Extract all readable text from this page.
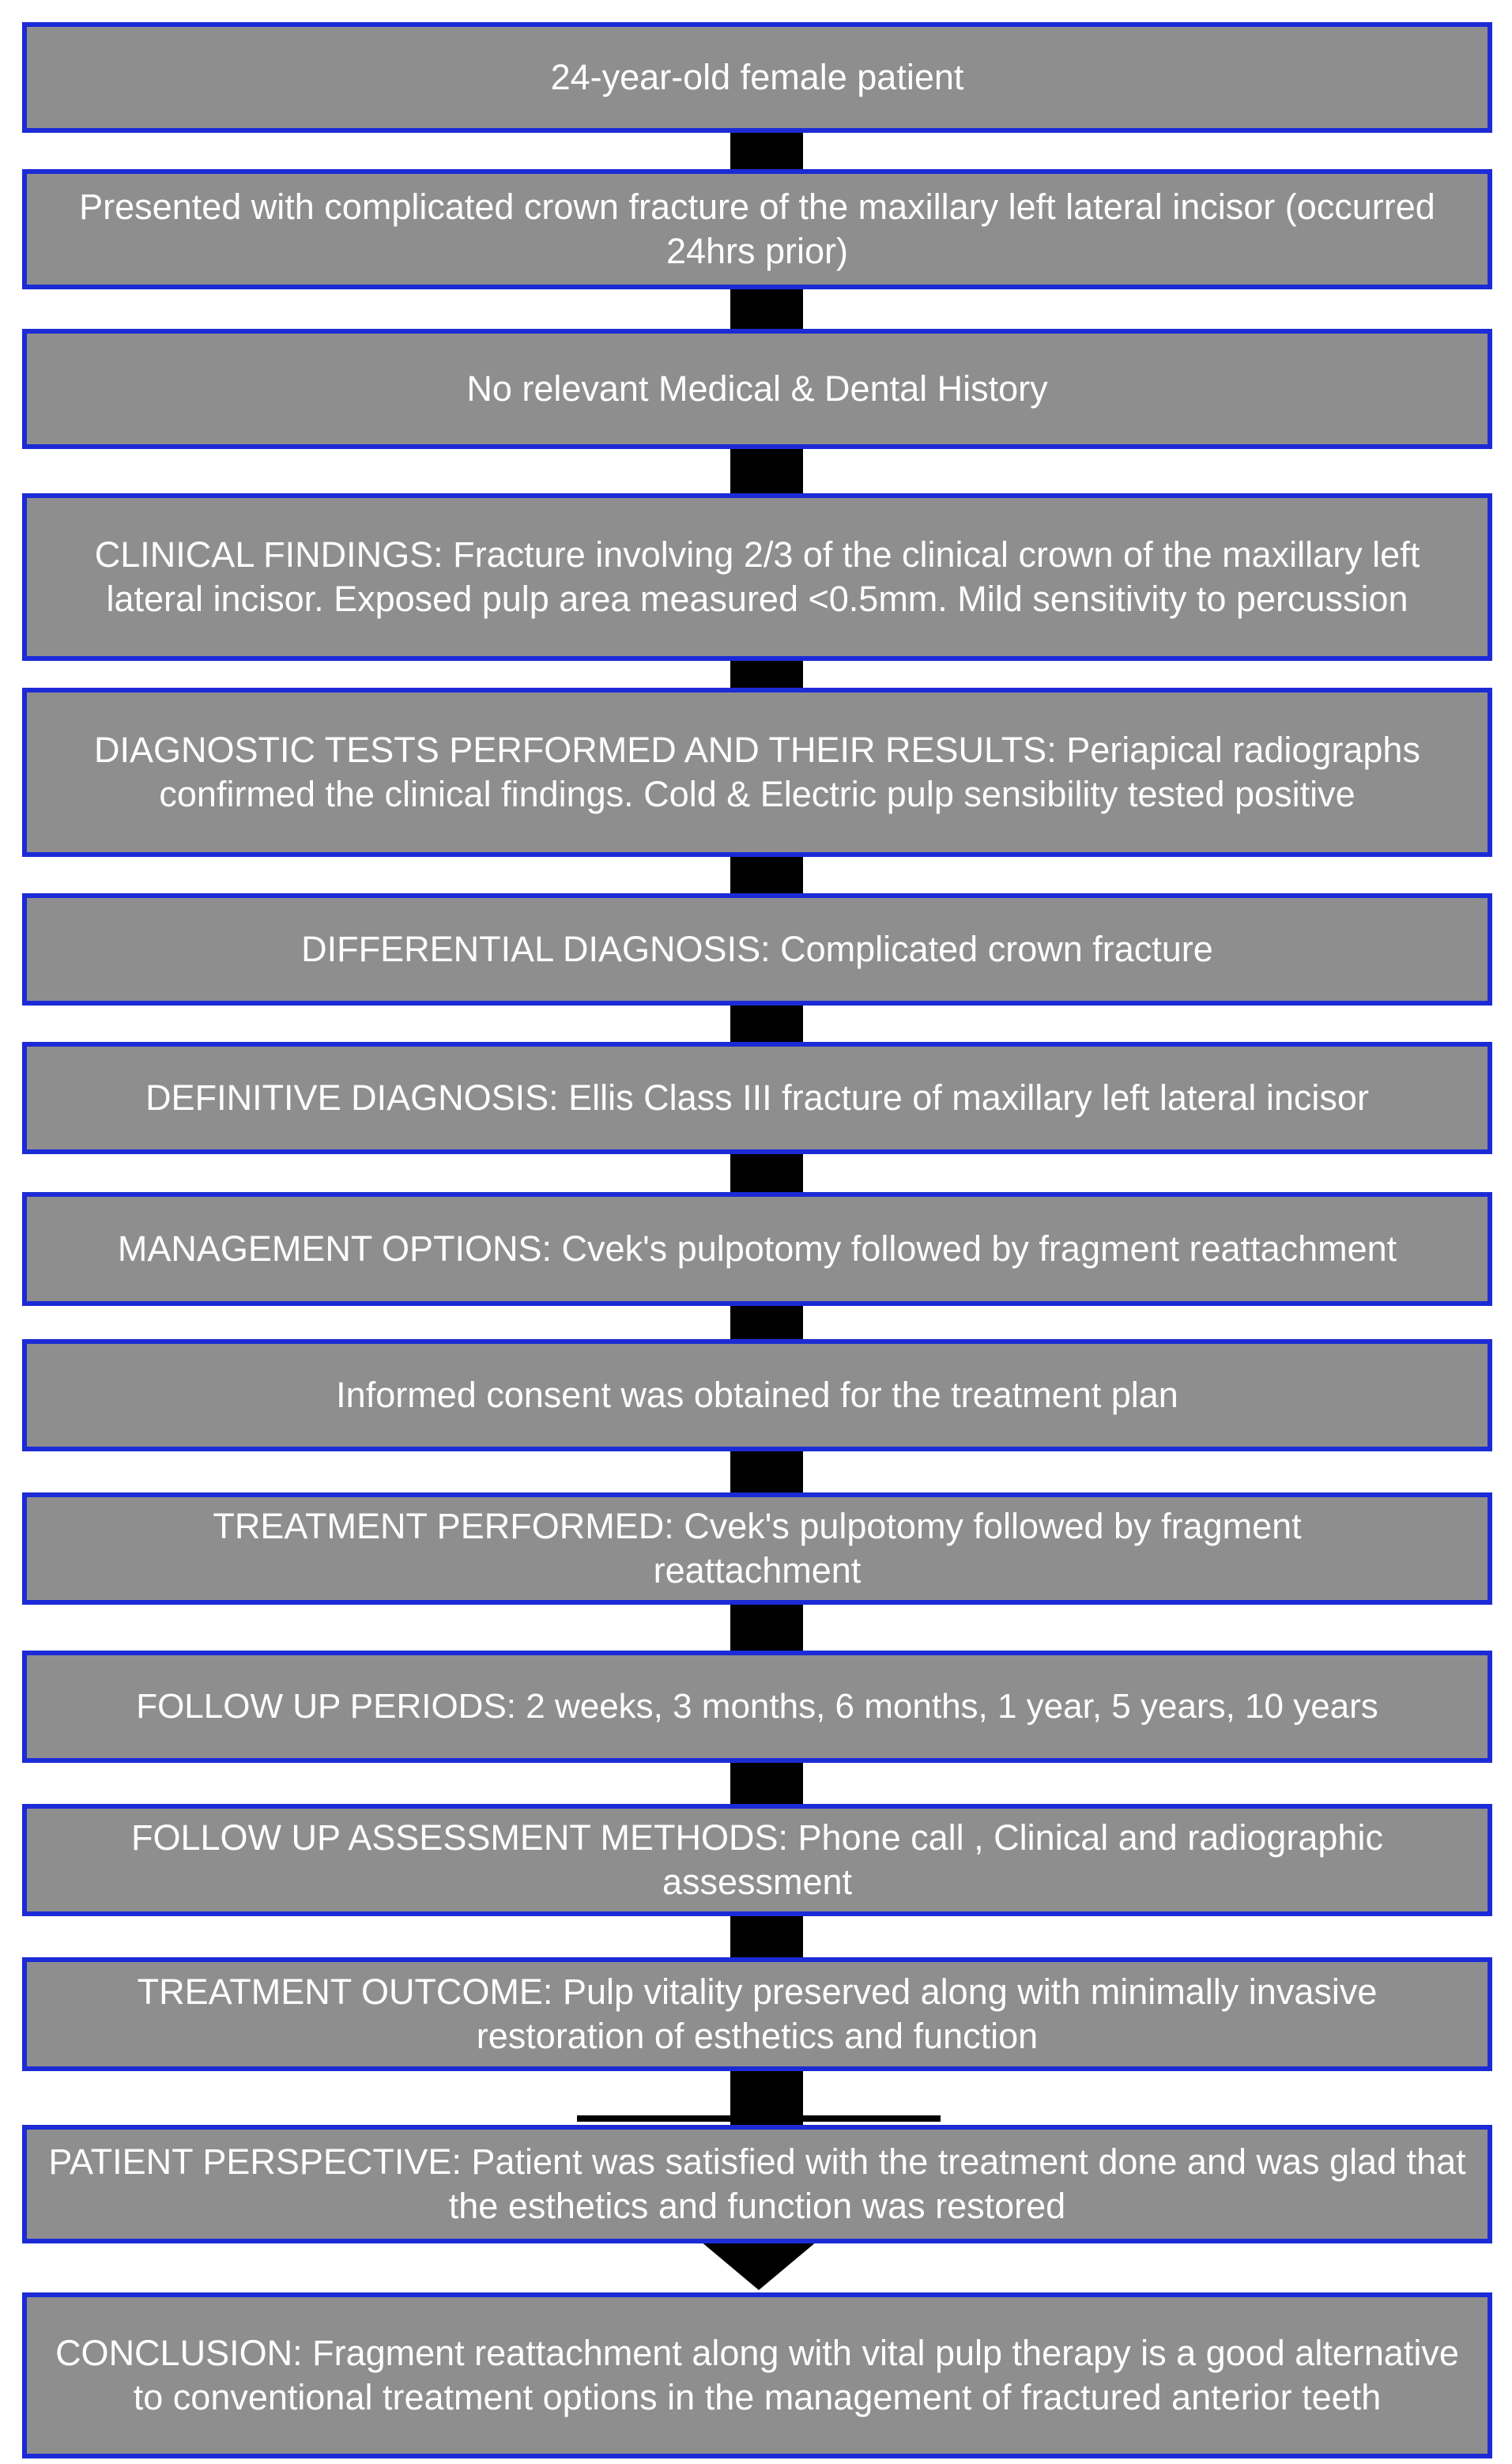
24-year-old female patient
Presented with complicated crown fracture of the maxillary left lateral incisor (occurred 24hrs prior)
No relevant Medical & Dental History
CLINICAL FINDINGS: Fracture involving 2/3 of the clinical crown of the maxillary left lateral incisor. Exposed pulp area measured <0.5mm. Mild sensitivity to percussion
DIAGNOSTIC TESTS PERFORMED AND THEIR RESULTS: Periapical radiographs confirmed the clinical findings. Cold & Electric pulp sensibility tested positive
DIFFERENTIAL DIAGNOSIS: Complicated crown fracture
DEFINITIVE DIAGNOSIS: Ellis Class III fracture of maxillary left lateral incisor
MANAGEMENT OPTIONS: Cvek's pulpotomy followed by fragment reattachment
Informed consent was obtained for the treatment plan
TREATMENT PERFORMED: Cvek's pulpotomy followed by fragment reattachment
FOLLOW UP PERIODS: 2 weeks, 3 months, 6 months, 1 year, 5 years, 10 years
FOLLOW UP ASSESSMENT METHODS: Phone call , Clinical and radiographic assessment
TREATMENT OUTCOME: Pulp vitality preserved along with minimally invasive restoration of esthetics and function
PATIENT PERSPECTIVE: Patient was satisfied with the treatment done and was glad that the esthetics and function was restored
CONCLUSION: Fragment reattachment along with vital pulp therapy is a good alternative to conventional treatment options in the management of fractured anterior teeth
